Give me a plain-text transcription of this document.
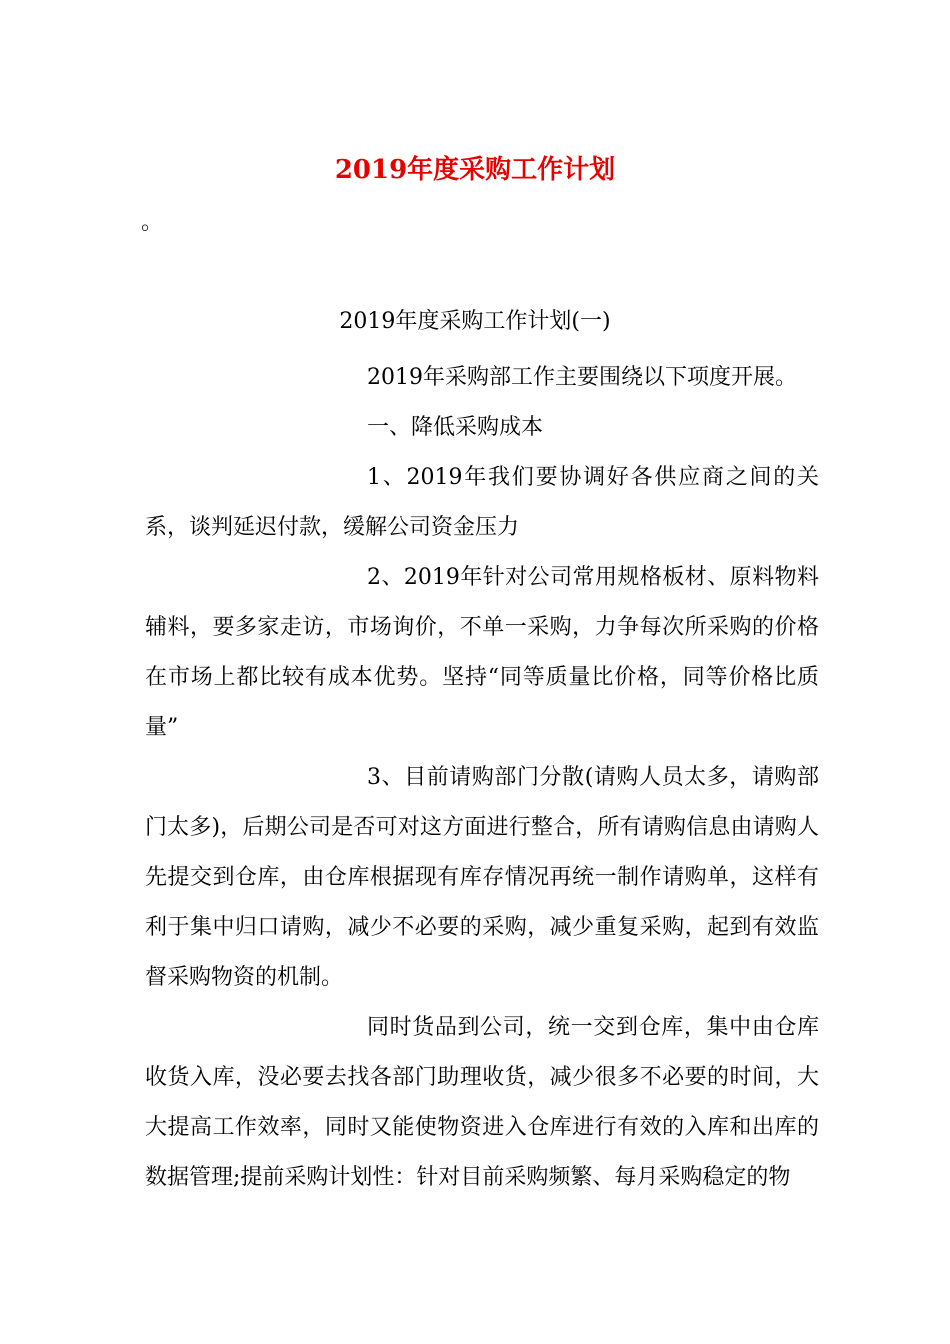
2019年度采购工作计划
。
2019年度采购工作计划(一)

2019年采购部工作主要围绕以下项度开展。

一、降低采购成本

1、2019年我们要协调好各供应商之间的关系，谈判延迟付款，缓解公司资金压力

2、2019年针对公司常用规格板材、原料物料辅料，要多家走访，市场询价，不单一采购，力争每次所采购的价格在市场上都比较有成本优势。坚持“同等质量比价格，同等价格比质量”

3、目前请购部门分散(请购人员太多，请购部门太多)，后期公司是否可对这方面进行整合，所有请购信息由请购人先提交到仓库，由仓库根据现有库存情况再统一制作请购单，这样有利于集中归口请购，减少不必要的采购，减少重复采购，起到有效监督采购物资的机制。

同时货品到公司，统一交到仓库，集中由仓库收货入库，没必要去找各部门助理收货，减少很多不必要的时间，大大提高工作效率，同时又能使物资进入仓库进行有效的入库和出库的数据管理;提前采购计划性：针对目前采购频繁、每月采购稳定的物
